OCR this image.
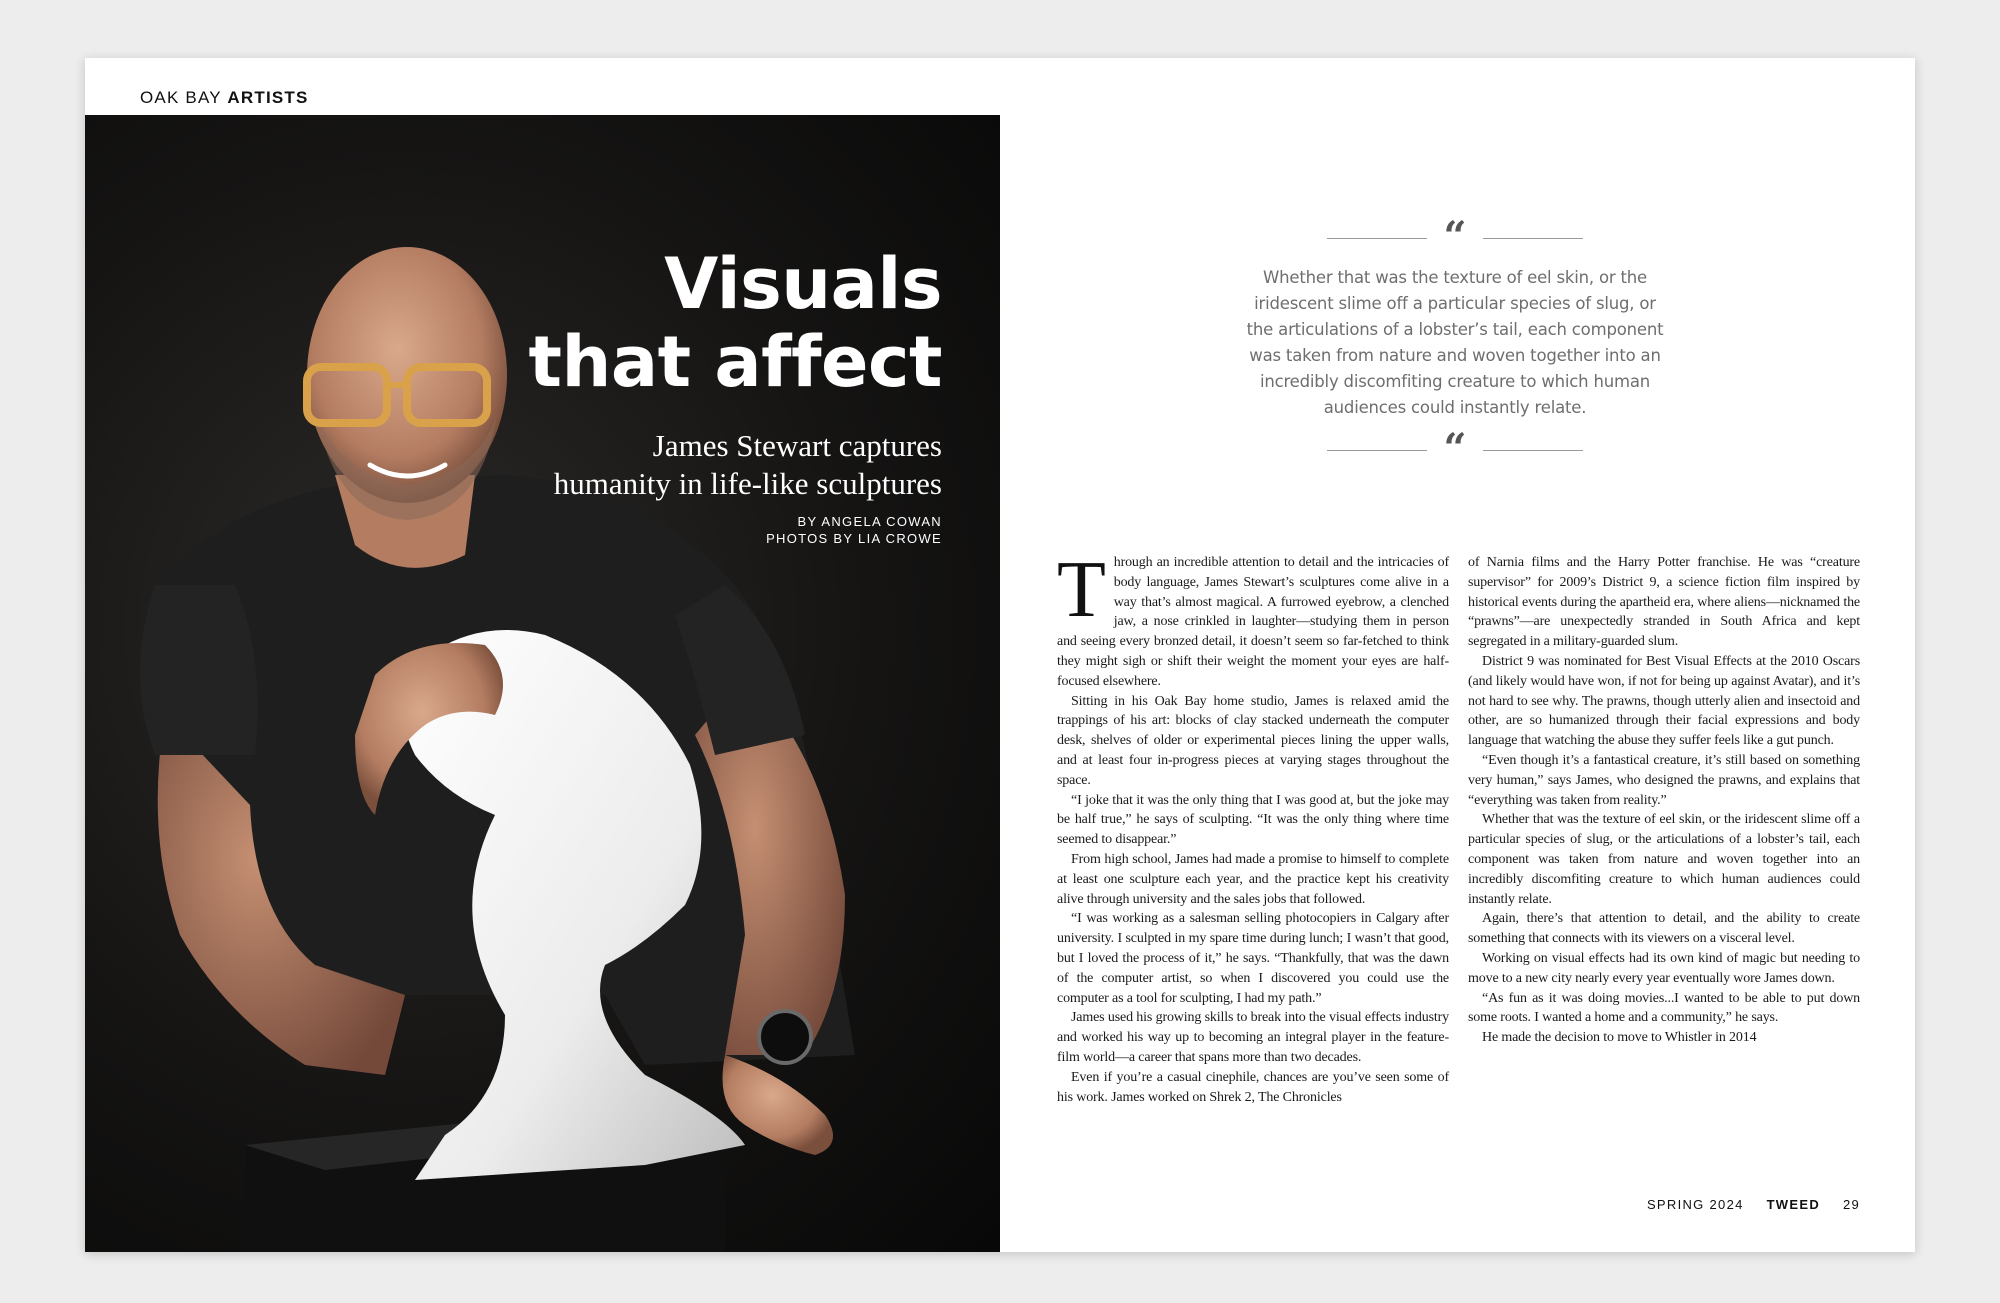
OAK BAY ARTISTS
Visuals
that affect
James Stewart captures
humanity in life-like sculptures
BY ANGELA COWAN
PHOTOS BY LIA CROWE
“
Whether that was the texture of eel skin, or the iridescent slime off a particular species of slug, or the articulations of a lobster’s tail, each component was taken from nature and woven together into an incredibly discomfiting creature to which human audiences could instantly relate.
“

Through an incredible attention to detail and the intricacies of body language, James Stewart’s sculptures come alive in a way that’s almost magical. A furrowed eyebrow, a clenched jaw, a nose crinkled in laughter—studying them in person and seeing every bronzed detail, it doesn’t seem so far-fetched to think they might sigh or shift their weight the moment your eyes are half-focused elsewhere.

Sitting in his Oak Bay home studio, James is relaxed amid the trappings of his art: blocks of clay stacked underneath the computer desk, shelves of older or experimental pieces lining the upper walls, and at least four in-progress pieces at varying stages throughout the space.

“I joke that it was the only thing that I was good at, but the joke may be half true,” he says of sculpting. “It was the only thing where time seemed to disappear.”

From high school, James had made a promise to himself to complete at least one sculpture each year, and the practice kept his creativity alive through university and the sales jobs that followed.

“I was working as a salesman selling photocopiers in Calgary after university. I sculpted in my spare time during lunch; I wasn’t that good, but I loved the process of it,” he says. “Thankfully, that was the dawn of the computer artist, so when I discovered you could use the computer as a tool for sculpting, I had my path.”

James used his growing skills to break into the visual effects industry and worked his way up to becoming an integral player in the feature-film world—a career that spans more than two decades.

Even if you’re a casual cinephile, chances are you’ve seen some of his work. James worked on Shrek 2, The Chronicles

of Narnia films and the Harry Potter franchise. He was “creature supervisor” for 2009’s District 9, a science fiction film inspired by historical events during the apartheid era, where aliens—nicknamed the “prawns”—are unexpectedly stranded in South Africa and kept segregated in a military-guarded slum.

District 9 was nominated for Best Visual Effects at the 2010 Oscars (and likely would have won, if not for being up against Avatar), and it’s not hard to see why. The prawns, though utterly alien and insectoid and other, are so humanized through their facial expressions and body language that watching the abuse they suffer feels like a gut punch.

“Even though it’s a fantastical creature, it’s still based on something very human,” says James, who designed the prawns, and explains that “everything was taken from reality.”

Whether that was the texture of eel skin, or the iridescent slime off a particular species of slug, or the articulations of a lobster’s tail, each component was taken from nature and woven together into an incredibly discomfiting creature to which human audiences could instantly relate.

Again, there’s that attention to detail, and the ability to create something that connects with its viewers on a visceral level.

Working on visual effects had its own kind of magic but needing to move to a new city nearly every year eventually wore James down.

“As fun as it was doing movies...I wanted to be able to put down some roots. I wanted a home and a community,” he says.

He made the decision to move to Whistler in 2014

SPRING 2024 TWEED 29
